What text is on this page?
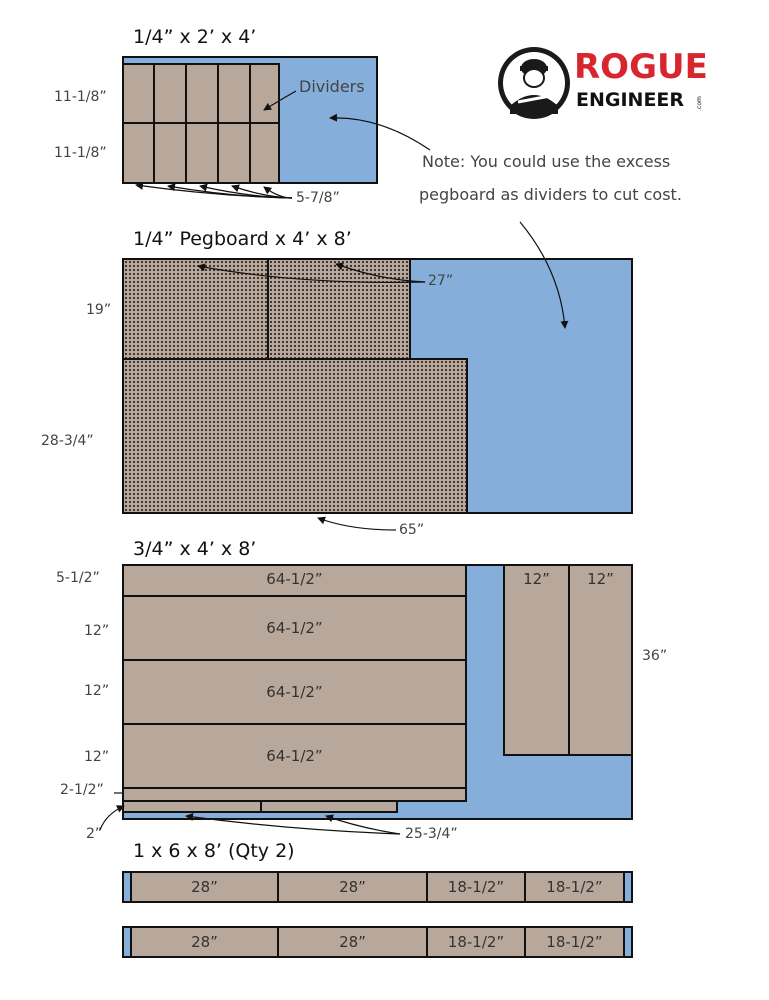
ROGUE
ENGINEER .com
1/4” x 2’ x 4’
11-1/8”
11-1/8”
5-7/8”
Dividers
Note: You could use the excess
pegboard as dividers to cut cost.
1/4” Pegboard x 4’ x 8’
19”
28-3/4”
27”
65”
3/4” x 4’ x 8’
64-1/2”
64-1/2”
64-1/2”
64-1/2”
12” 12”
5-1/2”
12”
12”
12”
2-1/2”
2”	25-3/4”
36”
1 x 6 x 8’ (Qty 2)
28”	28”	18-1/2”	18-1/2”
28”	28”	18-1/2”	18-1/2”
